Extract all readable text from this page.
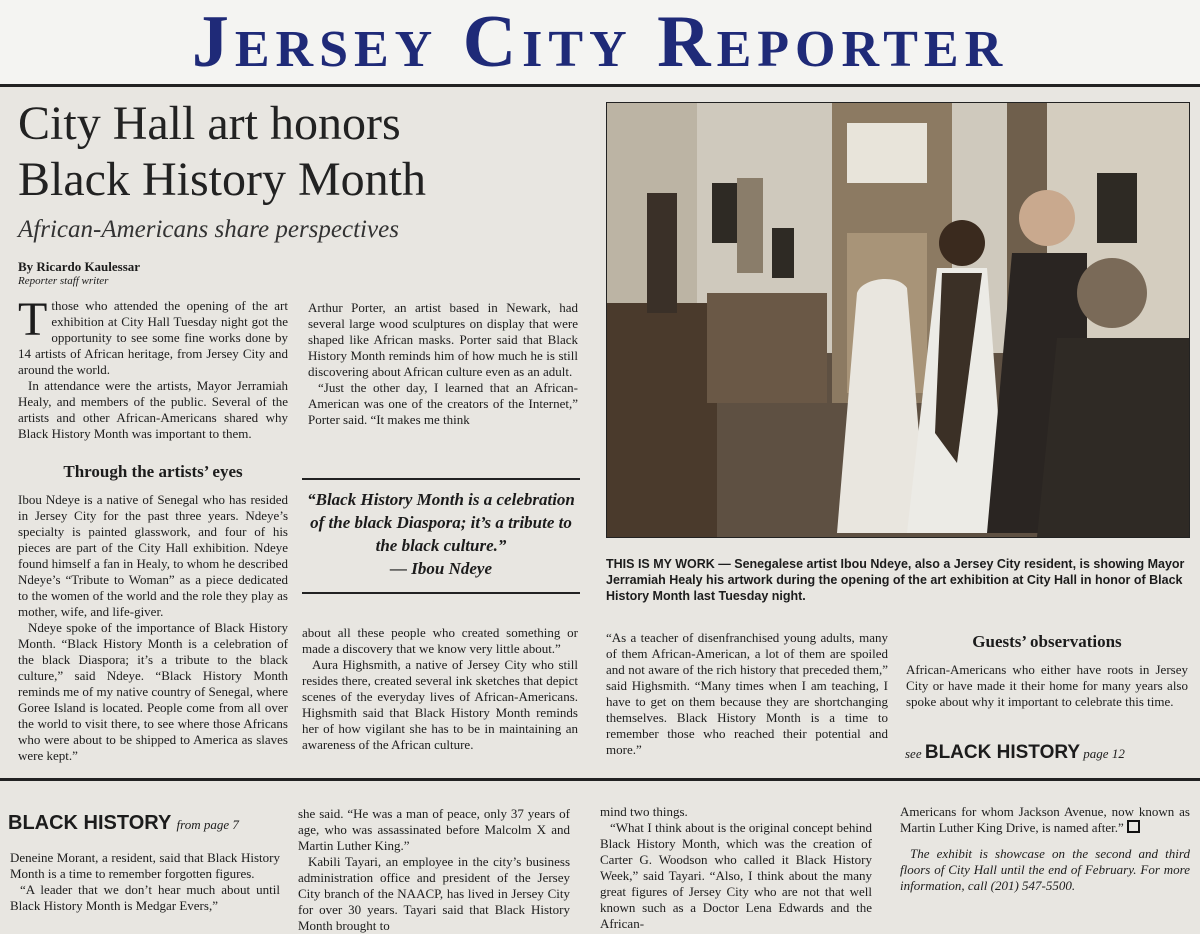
Jersey City Reporter
City Hall art honors
Black History Month
African-Americans share perspectives
By Ricardo Kaulessar
Reporter staff writer

Tthose who attended the opening of the art exhibition at City Hall Tuesday night got the opportunity to see some fine works done by 14 artists of African heritage, from Jersey City and around the world.

In attendance were the artists, Mayor Jerramiah Healy, and members of the public. Several of the artists and other African-Americans shared why Black History Month was important to them.

Arthur Porter, an artist based in Newark, had several large wood sculptures on display that were shaped like African masks. Porter said that Black History Month reminds him of how much he is still discovering about African culture even as an adult.

“Just the other day, I learned that an African-American was one of the creators of the Internet,” Porter said. “It makes me think

Through the artists’ eyes

Ibou Ndeye is a native of Senegal who has resided in Jersey City for the past three years. Ndeye’s specialty is painted glasswork, and four of his pieces are part of the City Hall exhibition. Ndeye found himself a fan in Healy, to whom he described Ndeye’s “Tribute to Woman” as a piece dedicated to the women of the world and the role they play as mother, wife, and life-giver.

Ndeye spoke of the importance of Black History Month. “Black History Month is a celebration of the black Diaspora; it’s a tribute to the black culture,” said Ndeye. “Black History Month reminds me of my native country of Senegal, where Goree Island is located. People come from all over the world to visit there, to see where those Africans who were about to be shipped to America as slaves were kept.”

“Black History Month is a celebration of the black Diaspora; it’s a tribute to the black culture.”
— Ibou Ndeye

about all these people who created something or made a discovery that we know very little about.”

Aura Highsmith, a native of Jersey City who still resides there, created several ink sketches that depict scenes of the everyday lives of African-Americans. Highsmith said that Black History Month reminds her of how vigilant she has to be in maintaining an awareness of the African culture.

THIS IS MY WORK — Senegalese artist Ibou Ndeye, also a Jersey City resident, is showing Mayor Jerramiah Healy his artwork during the opening of the art exhibition at City Hall in honor of Black History Month last Tuesday night.

“As a teacher of disenfranchised young adults, many of them African-American, a lot of them are spoiled and not aware of the rich history that preceded them,” said Highsmith. “Many times when I am teaching, I have to get on them because they are shortchanging themselves. Black History Month is a time to remember those who reached their potential and more.”

Guests’ observations

African-Americans who either have roots in Jersey City or have made it their home for many years also spoke about why it important to celebrate this time.

see BLACK HISTORY page 12
BLACK HISTORY from page 7

Deneine Morant, a resident, said that Black History Month is a time to remember forgotten figures.

“A leader that we don’t hear much about until Black History Month is Medgar Evers,”

she said. “He was a man of peace, only 37 years of age, who was assassinated before Malcolm X and Martin Luther King.”

Kabili Tayari, an employee in the city’s business administration office and president of the Jersey City branch of the NAACP, has lived in Jersey City for over 30 years. Tayari said that Black History Month brought to

mind two things.

“What I think about is the original concept behind Black History Month, which was the creation of Carter G. Woodson who called it Black History Week,” said Tayari. “Also, I think about the many great figures of Jersey City who are not that well known such as a Doctor Lena Edwards and the African-

Americans for whom Jackson Avenue, now known as Martin Luther King Drive, is named after.”

The exhibit is showcase on the second and third floors of City Hall until the end of February. For more information, call (201) 547-5500.
